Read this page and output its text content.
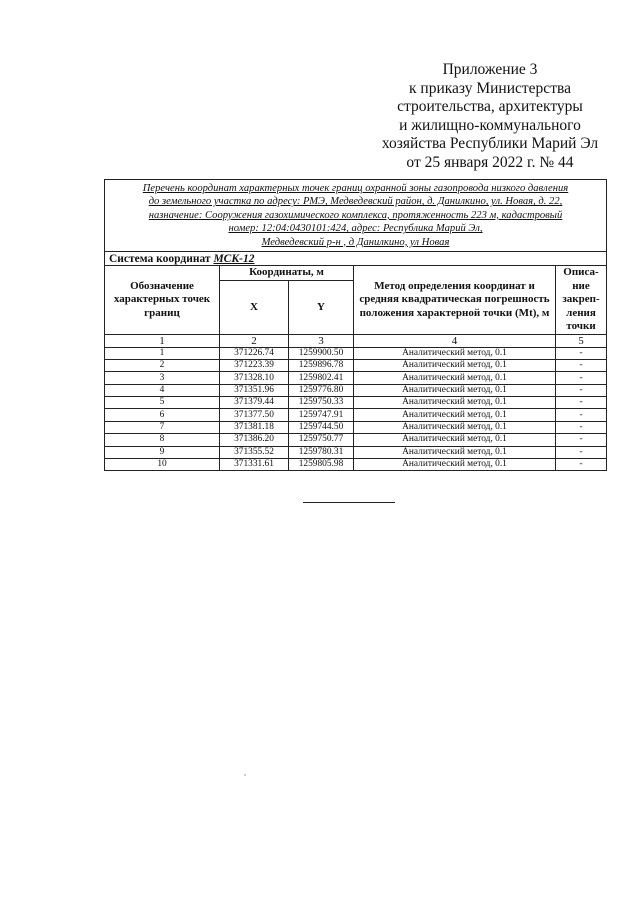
Приложение 3
к приказу Министерства
строительства, архитектуры
и жилищно-коммунального
хозяйства Республики Марий Эл
от 25 января 2022 г. № 44
Перечень координат характерных точек границ охранной зоны газопровода низкого давления
до земельного участка по адресу: РМЭ, Медведевский район, д. Данилкино, ул. Новая, д. 22,
назначение: Сооружения газохимического комплекса, протяженность 223 м, кадастровый
номер: 12:04:0430101:424, адрес: Республика Марий Эл,
Медведевский р-н , д Данилкино, ул Новая				

Система координат МСК-12				
Обозначение характерных точек границ	Координаты, м		Метод определения координат и средняя квадратическая погрешность положения характерной точки (Mt), м	Описа-ние закреп-ления точки
	X	Y		
1	2	3	4	5
1	371226.74	1259900.50	Аналитический метод, 0.1	-
2	371223.39	1259896.78	Аналитический метод, 0.1	-
3	371328.10	1259802.41	Аналитический метод, 0.1	-
4	371351.96	1259776.80	Аналитический метод, 0.1	-
5	371379.44	1259750.33	Аналитический метод, 0.1	-
6	371377.50	1259747.91	Аналитический метод, 0.1	-
7	371381.18	1259744.50	Аналитический метод, 0.1	-
8	371386.20	1259750.77	Аналитический метод, 0.1	-
9	371355.52	1259780.31	Аналитический метод, 0.1	-
10	371331.61	1259805.98	Аналитический метод, 0.1	-
